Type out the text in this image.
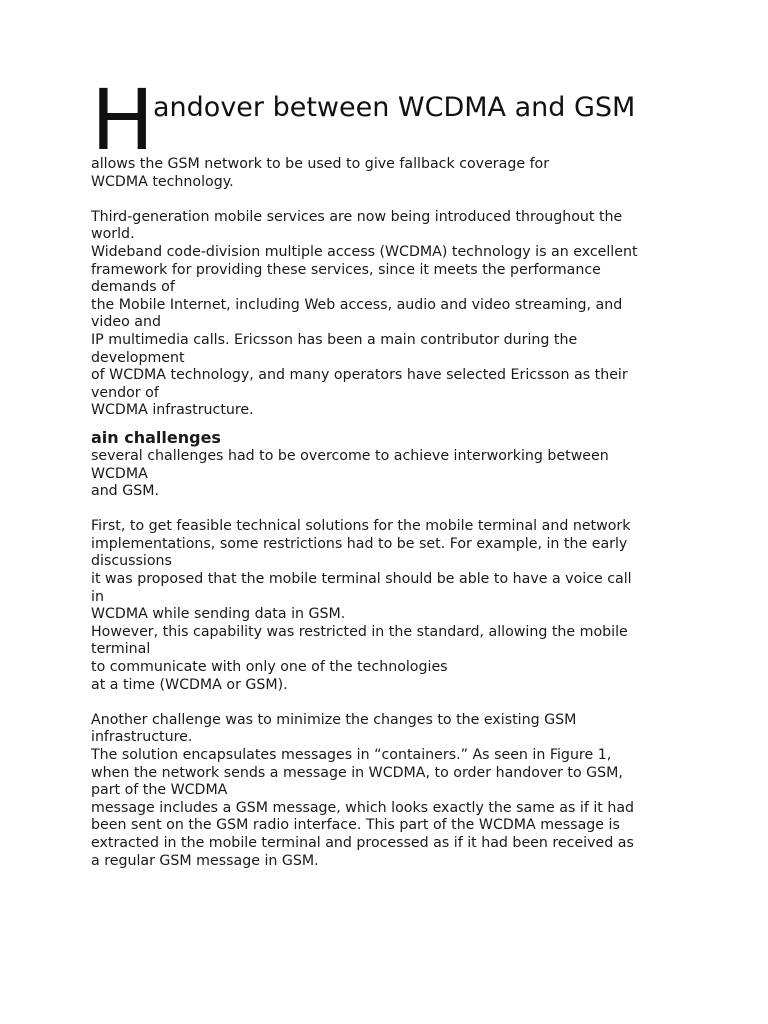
H
andover between WCDMA and GSM

allows the GSM network to be used to give fallback coverage for
WCDMA technology.

Third-generation mobile services are now being introduced throughout the
world.
Wideband code-division multiple access (WCDMA) technology is an excellent
framework for providing these services, since it meets the performance
demands of
the Mobile Internet, including Web access, audio and video streaming, and
video and
IP multimedia calls. Ericsson has been a main contributor during the
development
of WCDMA technology, and many operators have selected Ericsson as their
vendor of
WCDMA infrastructure.

ain challenges

several challenges had to be overcome to achieve interworking between
WCDMA
and GSM.

First, to get feasible technical solutions for the mobile terminal and network
implementations, some restrictions had to be set. For example, in the early
discussions
it was proposed that the mobile terminal should be able to have a voice call
in
WCDMA while sending data in GSM.
However, this capability was restricted in the standard, allowing the mobile
terminal
to communicate with only one of the technologies
at a time (WCDMA or GSM).

Another challenge was to minimize the changes to the existing GSM
infrastructure.
The solution encapsulates messages in “containers.” As seen in Figure 1,
when the network sends a message in WCDMA, to order handover to GSM,
part of the WCDMA
message includes a GSM message, which looks exactly the same as if it had
been sent on the GSM radio interface. This part of the WCDMA message is
extracted in the mobile terminal and processed as if it had been received as
a regular GSM message in GSM.
